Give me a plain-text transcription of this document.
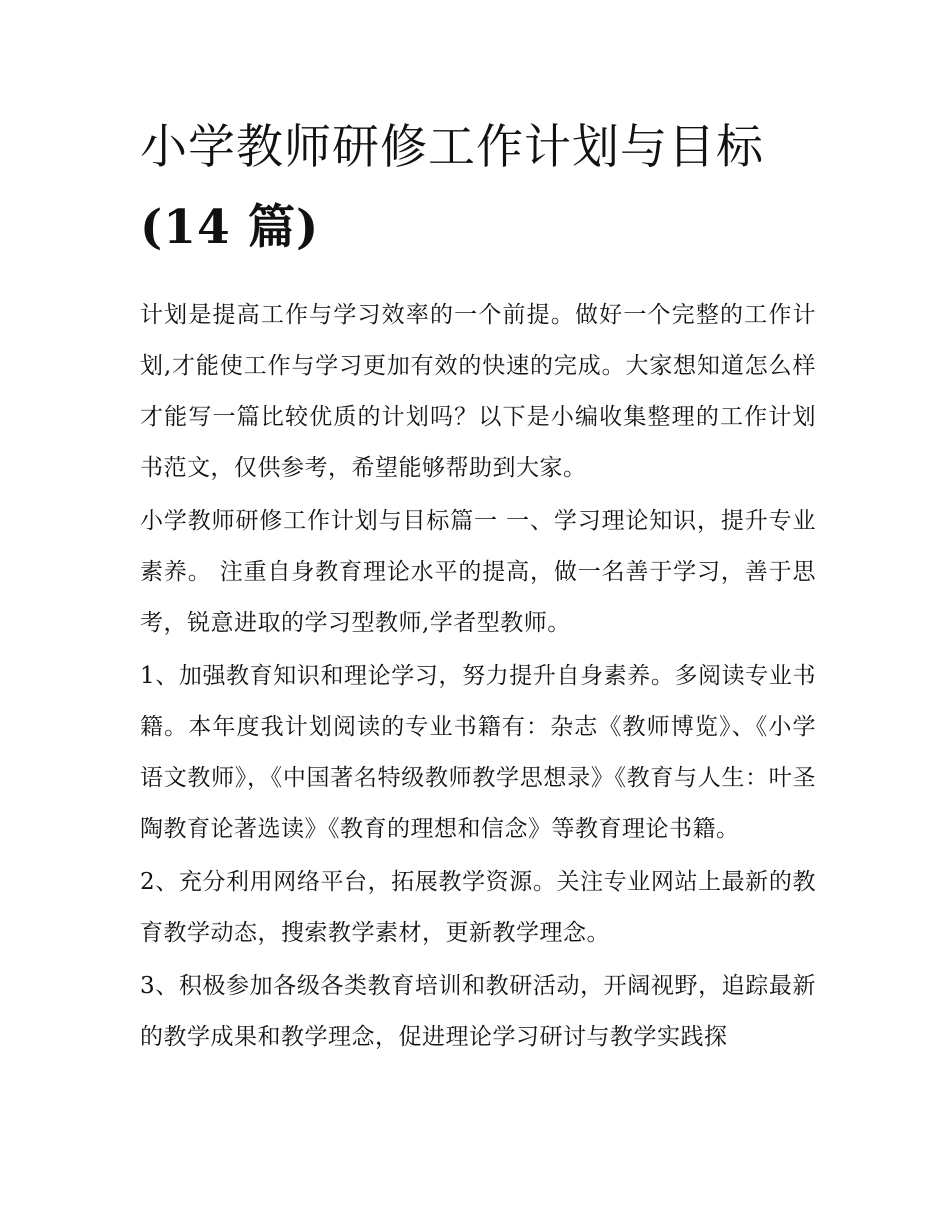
小学教师研修工作计划与目标
(14 篇)

计划是提高工作与学习效率的一个前提。做好一个完整的工作计划,才能使工作与学习更加有效的快速的完成。大家想知道怎么样才能写一篇比较优质的计划吗？以下是小编收集整理的工作计划书范文，仅供参考，希望能够帮助到大家。

小学教师研修工作计划与目标篇一 一、学习理论知识，提升专业素养。 注重自身教育理论水平的提高，做一名善于学习，善于思考，锐意进取的学习型教师,学者型教师。

1、加强教育知识和理论学习，努力提升自身素养。多阅读专业书籍。本年度我计划阅读的专业书籍有：杂志《教师博览》、《小学语文教师》，《中国著名特级教师教学思想录》《教育与人生：叶圣陶教育论著选读》《教育的理想和信念》等教育理论书籍。

2、充分利用网络平台，拓展教学资源。关注专业网站上最新的教育教学动态，搜索教学素材，更新教学理念。

3、积极参加各级各类教育培训和教研活动，开阔视野，追踪最新的教学成果和教学理念，促进理论学习研讨与教学实践探
